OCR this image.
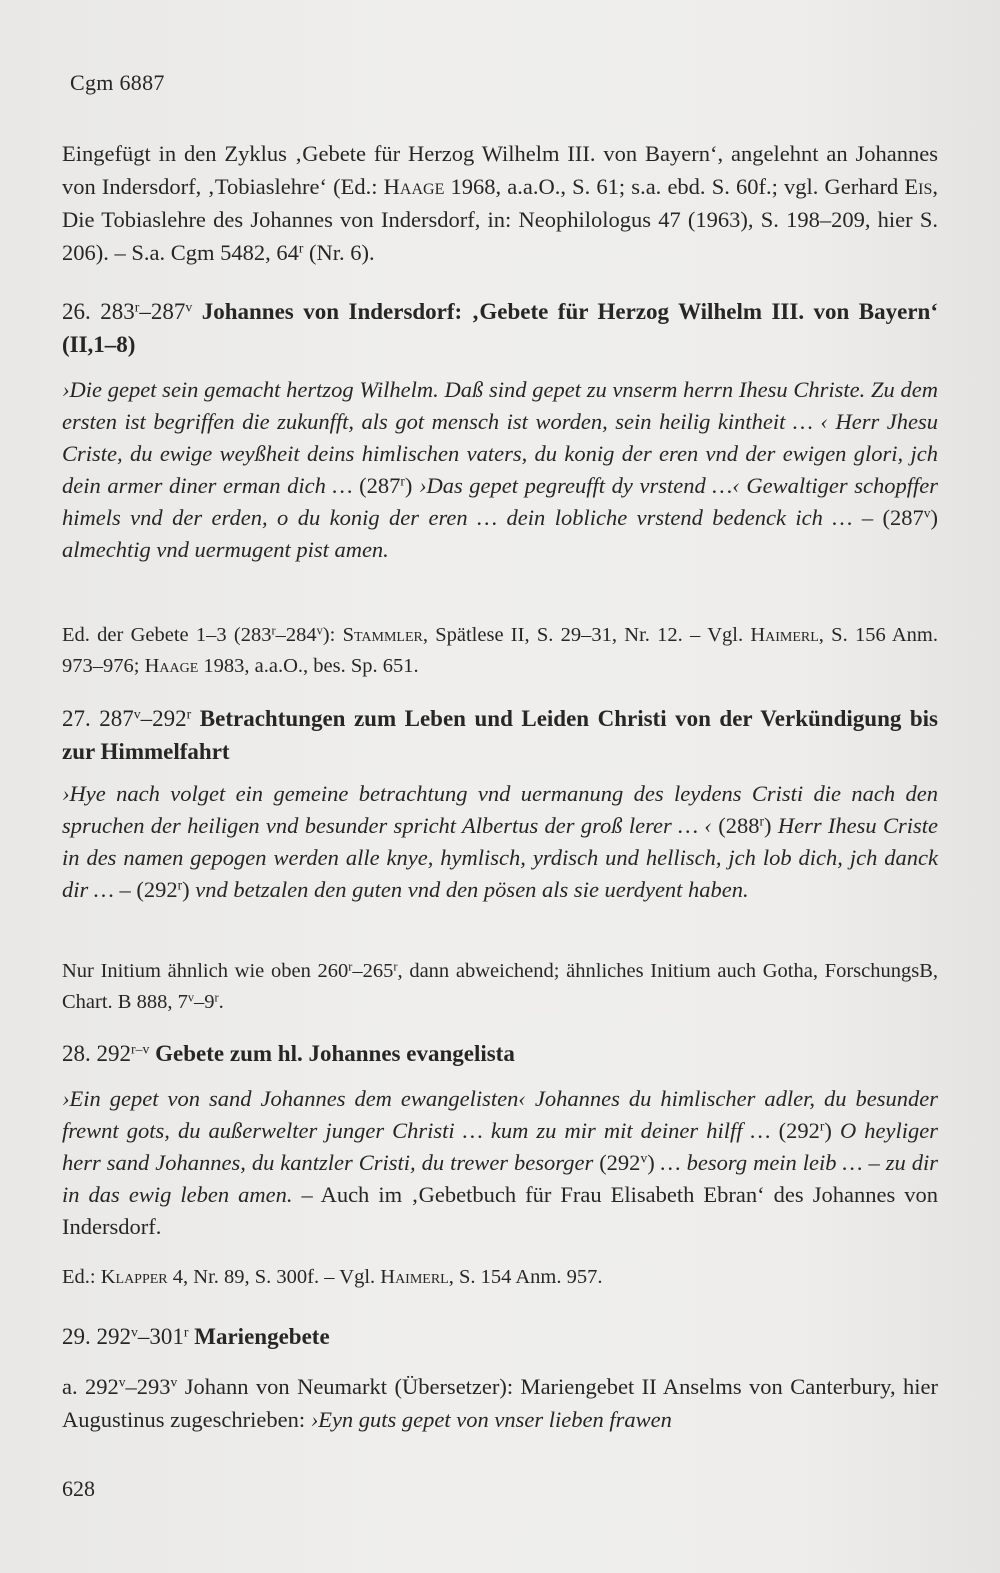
Cgm 6887
Eingefügt in den Zyklus ‚Gebete für Herzog Wilhelm III. von Bayern‘, angelehnt an Johannes von Indersdorf, ‚Tobiaslehre‘ (Ed.: Haage 1968, a.a.O., S. 61; s.a. ebd. S. 60f.; vgl. Gerhard Eis, Die Tobiaslehre des Johannes von Indersdorf, in: Neophilologus 47 (1963), S. 198–209, hier S. 206). – S.a. Cgm 5482, 64$^r$ (Nr. 6).
26. 283$^r$–287$^v$ Johannes von Indersdorf: ‚Gebete für Herzog Wilhelm III. von Bayern‘ (II,1–8)
›Die gepet sein gemacht hertzog Wilhelm. Daß sind gepet zu vnserm herrn Ihesu Christe. Zu dem ersten ist begriffen die zukunfft, als got mensch ist worden, sein heilig kintheit … ‹ Herr Jhesu Criste, du ewige weyßheit deins himlischen vaters, du konig der eren vnd der ewigen glori, jch dein armer diner erman dich … (287$^r$) ›Das gepet pegreufft dy vrstend …‹ Gewaltiger schopffer himels vnd der erden, o du konig der eren … dein lobliche vrstend bedenck ich … – (287$^v$) almechtig vnd uermugent pist amen.
Ed. der Gebete 1–3 (283$^r$–284$^v$): Stammler, Spätlese II, S. 29–31, Nr. 12. – Vgl. Haimerl, S. 156 Anm. 973–976; Haage 1983, a.a.O., bes. Sp. 651.
27. 287$^v$–292$^r$ Betrachtungen zum Leben und Leiden Christi von der Verkündigung bis zur Himmelfahrt
›Hye nach volget ein gemeine betrachtung vnd uermanung des leydens Cristi die nach den spruchen der heiligen vnd besunder spricht Albertus der groß lerer … ‹ (288$^r$) Herr Ihesu Criste in des namen gepogen werden alle knye, hymlisch, yrdisch und hellisch, jch lob dich, jch danck dir … – (292$^r$) vnd betzalen den guten vnd den pösen als sie uerdyent haben.
Nur Initium ähnlich wie oben 260$^r$–265$^r$, dann abweichend; ähnliches Initium auch Gotha, ForschungsB, Chart. B 888, 7$^v$–9$^r$.
28. 292$^{r-v}$ Gebete zum hl. Johannes evangelista
›Ein gepet von sand Johannes dem ewangelisten‹ Johannes du himlischer adler, du besunder frewnt gots, du außerwelter junger Christi … kum zu mir mit deiner hilff … (292$^r$) O heyliger herr sand Johannes, du kantzler Cristi, du trewer besorger (292$^v$) … besorg mein leib … – zu dir in das ewig leben amen. – Auch im ‚Gebetbuch für Frau Elisabeth Ebran‘ des Johannes von Indersdorf.
Ed.: Klapper 4, Nr. 89, S. 300f. – Vgl. Haimerl, S. 154 Anm. 957.
29. 292$^v$–301$^r$ Mariengebete
a. 292$^v$–293$^v$ Johann von Neumarkt (Übersetzer): Mariengebet II Anselms von Canterbury, hier Augustinus zugeschrieben: ›Eyn guts gepet von vnser lieben frawen
628
